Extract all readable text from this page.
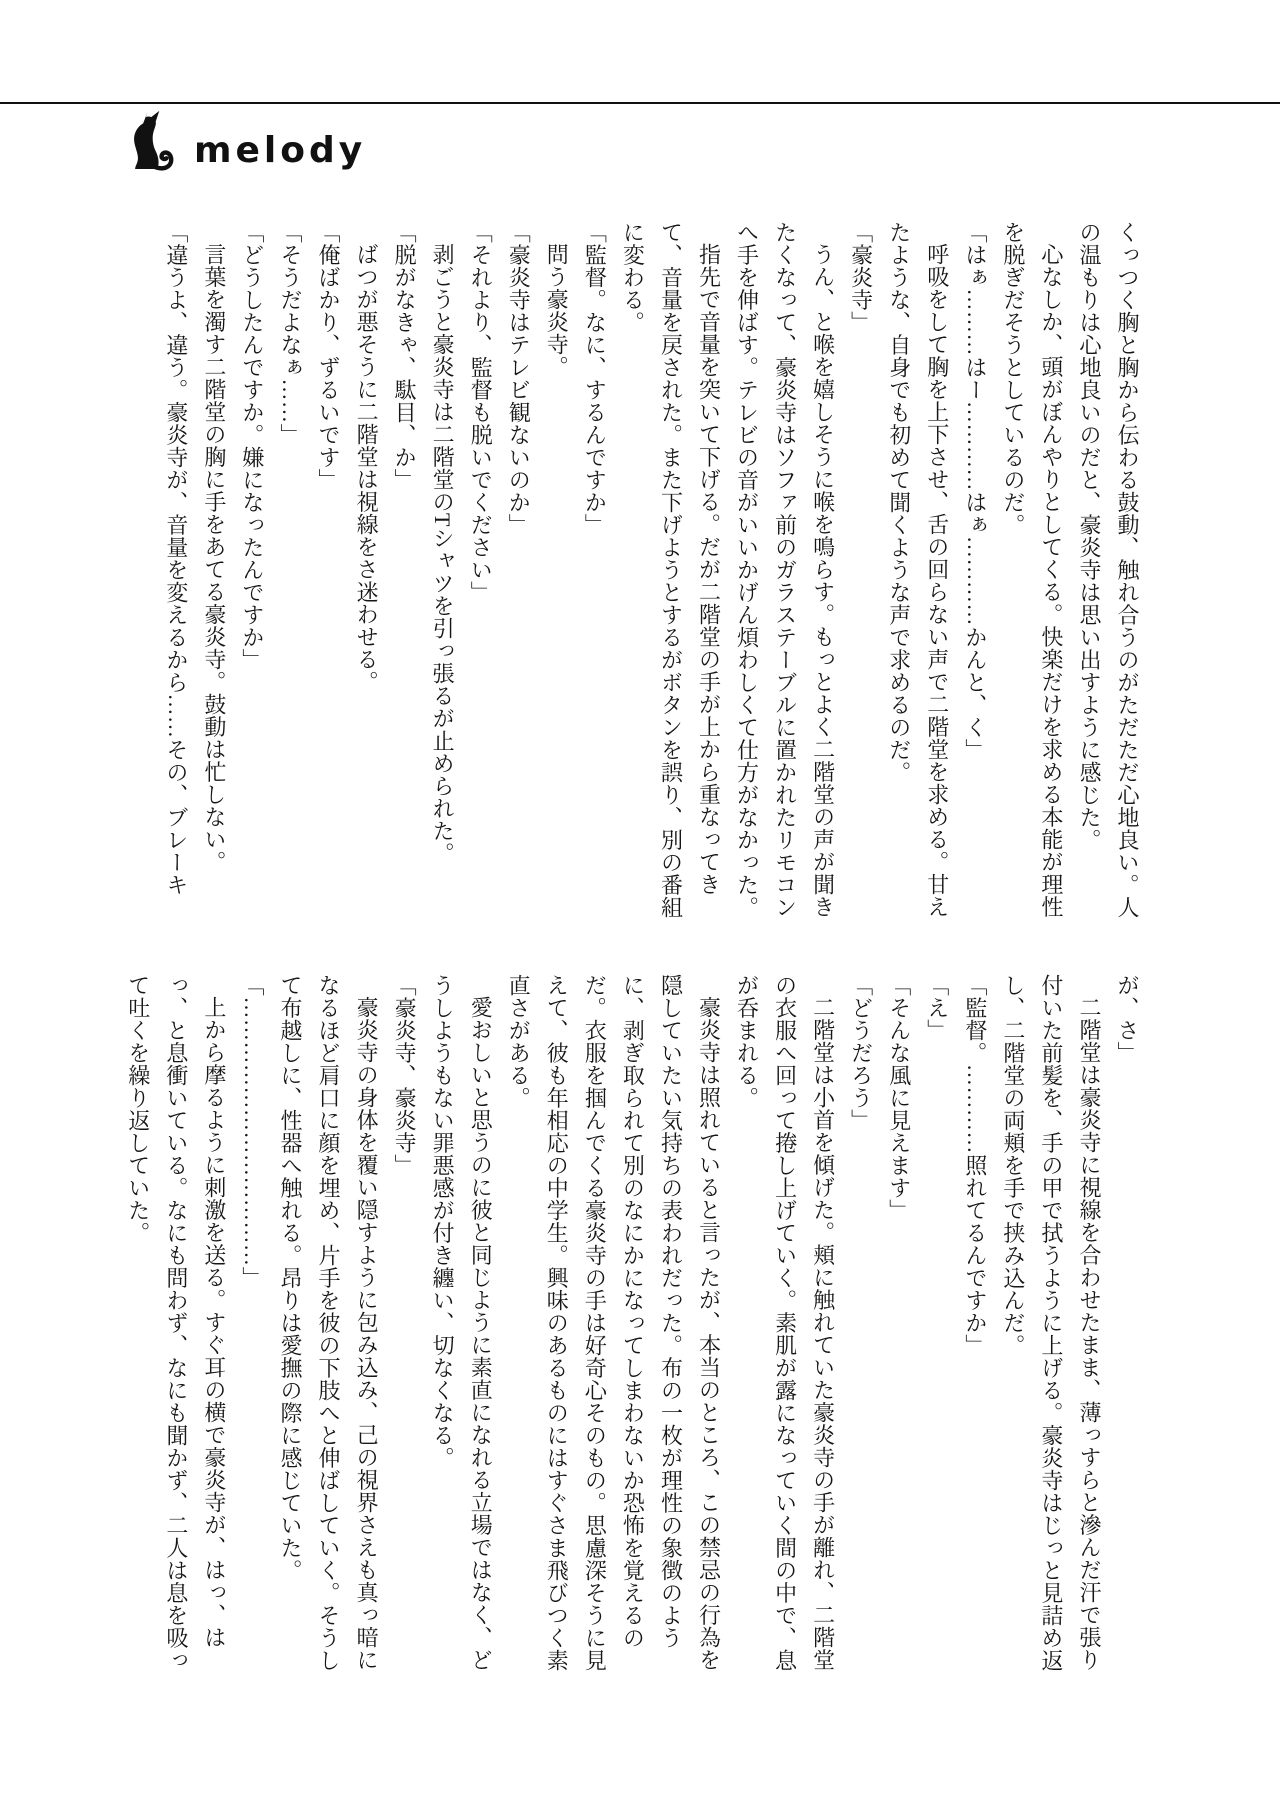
melody

くっつく胸と胸から伝わる鼓動、触れ合うのがただただ心地良い。人の温もりは心地良いのだと、豪炎寺は思い出すように感じた。

心なしか、頭がぼんやりとしてくる。快楽だけを求める本能が理性を脱ぎだそうとしているのだ。

「はぁ………はー…………はぁ…………かんと、く」

呼吸をして胸を上下させ、舌の回らない声で二階堂を求める。甘えたような、自身でも初めて聞くような声で求めるのだ。

「豪炎寺」

うん、と喉を嬉しそうに喉を鳴らす。もっとよく二階堂の声が聞きたくなって、豪炎寺はソファ前のガラステーブルに置かれたリモコンへ手を伸ばす。テレビの音がいいかげん煩わしくて仕方がなかった。

指先で音量を突いて下げる。だが二階堂の手が上から重なってきて、音量を戻された。また下げようとするがボタンを誤り、別の番組に変わる。

「監督。なに、するんですか」

問う豪炎寺。

「豪炎寺はテレビ観ないのか」

「それより、監督も脱いでください」

剥ごうと豪炎寺は二階堂のTシャツを引っ張るが止められた。

「脱がなきゃ、駄目、か」

ばつが悪そうに二階堂は視線をさ迷わせる。

「俺ばかり、ずるいです」

「そうだよなぁ……」

「どうしたんですか。嫌になったんですか」

言葉を濁す二階堂の胸に手をあてる豪炎寺。鼓動は忙しない。

「違うよ、違う。豪炎寺が、音量を変えるから……その、ブレーキ

が、さ」

二階堂は豪炎寺に視線を合わせたまま、薄っすらと滲んだ汗で張り付いた前髪を、手の甲で拭うように上げる。豪炎寺はじっと見詰め返し、二階堂の両頬を手で挟み込んだ。

「監督。…………照れてるんですか」

「え」

「そんな風に見えます」

「どうだろう」

二階堂は小首を傾げた。頬に触れていた豪炎寺の手が離れ、二階堂の衣服へ回って捲し上げていく。素肌が露になっていく間の中で、息が呑まれる。

豪炎寺は照れていると言ったが、本当のところ、この禁忌の行為を隠していたい気持ちの表われだった。布の一枚が理性の象徴のように、剥ぎ取られて別のなにかになってしまわないか恐怖を覚えるのだ。衣服を掴んでくる豪炎寺の手は好奇心そのもの。思慮深そうに見えて、彼も年相応の中学生。興味のあるものにはすぐさま飛びつく素直さがある。

愛おしいと思うのに彼と同じように素直になれる立場ではなく、どうしようもない罪悪感が付き纏い、切なくなる。

「豪炎寺、豪炎寺」

豪炎寺の身体を覆い隠すように包み込み、己の視界さえも真っ暗になるほど肩口に顔を埋め、片手を彼の下肢へと伸ばしていく。そうして布越しに、性器へ触れる。昂りは愛撫の際に感じていた。

「………………………………」

上から摩るように刺激を送る。すぐ耳の横で豪炎寺が、はっ、はっ、と息衝いている。なにも問わず、なにも聞かず、二人は息を吸って吐くを繰り返していた。
